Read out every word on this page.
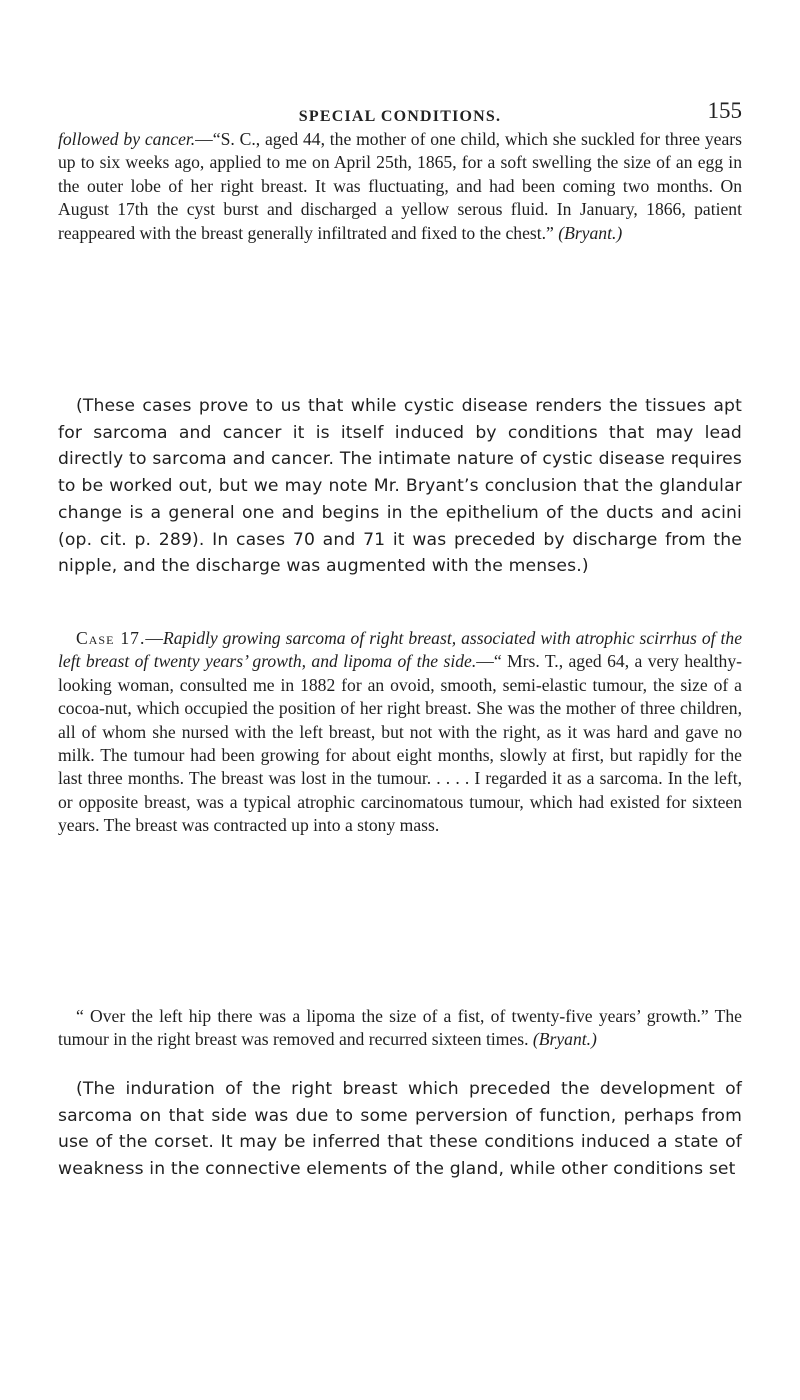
SPECIAL CONDITIONS.	155

followed by cancer.—“S. C., aged 44, the mother of one child, which she suckled for three years up to six weeks ago, applied to me on April 25th, 1865, for a soft swelling the size of an egg in the outer lobe of her right breast. It was fluctuating, and had been coming two months. On August 17th the cyst burst and discharged a yellow serous fluid. In January, 1866, patient reappeared with the breast generally infiltrated and fixed to the chest.” (Bryant.)

(These cases prove to us that while cystic disease renders the tissues apt for sarcoma and cancer it is itself induced by conditions that may lead directly to sarcoma and cancer. The intimate nature of cystic disease requires to be worked out, but we may note Mr. Bryant’s conclusion that the glandular change is a general one and begins in the epithelium of the ducts and acini (op. cit. p. 289). In cases 70 and 71 it was preceded by discharge from the nipple, and the discharge was augmented with the menses.)

Case 17.—Rapidly growing sarcoma of right breast, associated with atrophic scirrhus of the left breast of twenty years’ growth, and lipoma of the side.—“ Mrs. T., aged 64, a very healthy-looking woman, consulted me in 1882 for an ovoid, smooth, semi-elastic tumour, the size of a cocoa-nut, which occupied the position of her right breast. She was the mother of three children, all of whom she nursed with the left breast, but not with the right, as it was hard and gave no milk. The tumour had been growing for about eight months, slowly at first, but rapidly for the last three months. The breast was lost in the tumour. . . . . I regarded it as a sarcoma. In the left, or opposite breast, was a typical atrophic carcinomatous tumour, which had existed for sixteen years. The breast was contracted up into a stony mass.

“ Over the left hip there was a lipoma the size of a fist, of twenty-five years’ growth.” The tumour in the right breast was removed and recurred sixteen times. (Bryant.)

(The induration of the right breast which preceded the development of sarcoma on that side was due to some perversion of function, perhaps from use of the corset. It may be inferred that these conditions induced a state of weakness in the connective elements of the gland, while other conditions set
